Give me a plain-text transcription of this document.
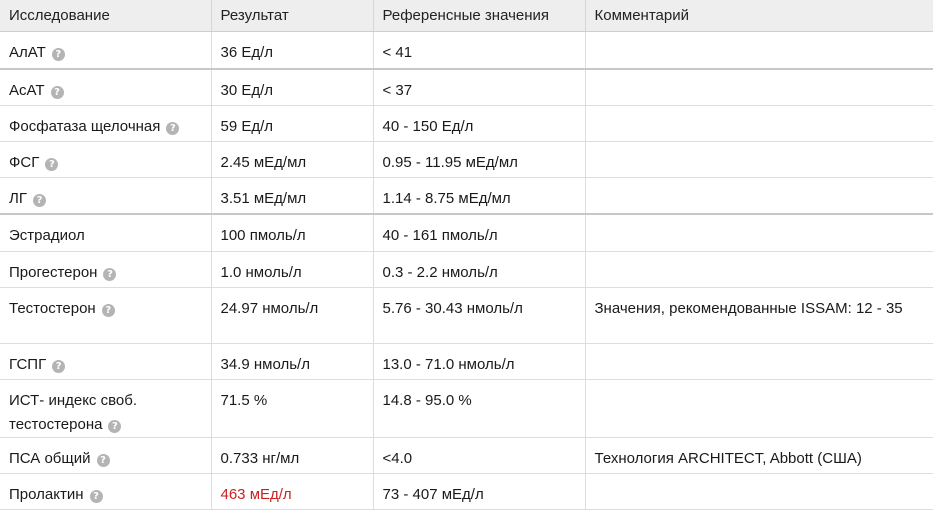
Исследование	Результат	Референсные значения	Комментарий
АлАТ ?	36 Ед/л	< 41	
АсАТ ?	30 Ед/л	< 37	
Фосфатаза щелочная ?	59 Ед/л	40 - 150 Ед/л	
ФСГ ?	2.45 мЕд/мл	0.95 - 11.95 мЕд/мл	
ЛГ ?	3.51 мЕд/мл	1.14 - 8.75 мЕд/мл	
Эстрадиол	100 пмоль/л	40 - 161 пмоль/л	
Прогестерон ?	1.0 нмоль/л	0.3 - 2.2 нмоль/л	
Тестостерон ?	24.97 нмоль/л	5.76 - 30.43 нмоль/л	Значения, рекомендованные ISSAM: 12 - 35
ГСПГ ?	34.9 нмоль/л	13.0 - 71.0 нмоль/л	
ИСТ- индекс своб. тестостерона ?	71.5 %	14.8 - 95.0 %	
ПСА общий ?	0.733 нг/мл	<4.0	Технология ARCHITECT, Abbott (США)
Пролактин ?	463 мЕд/л	73 - 407 мЕд/л	
